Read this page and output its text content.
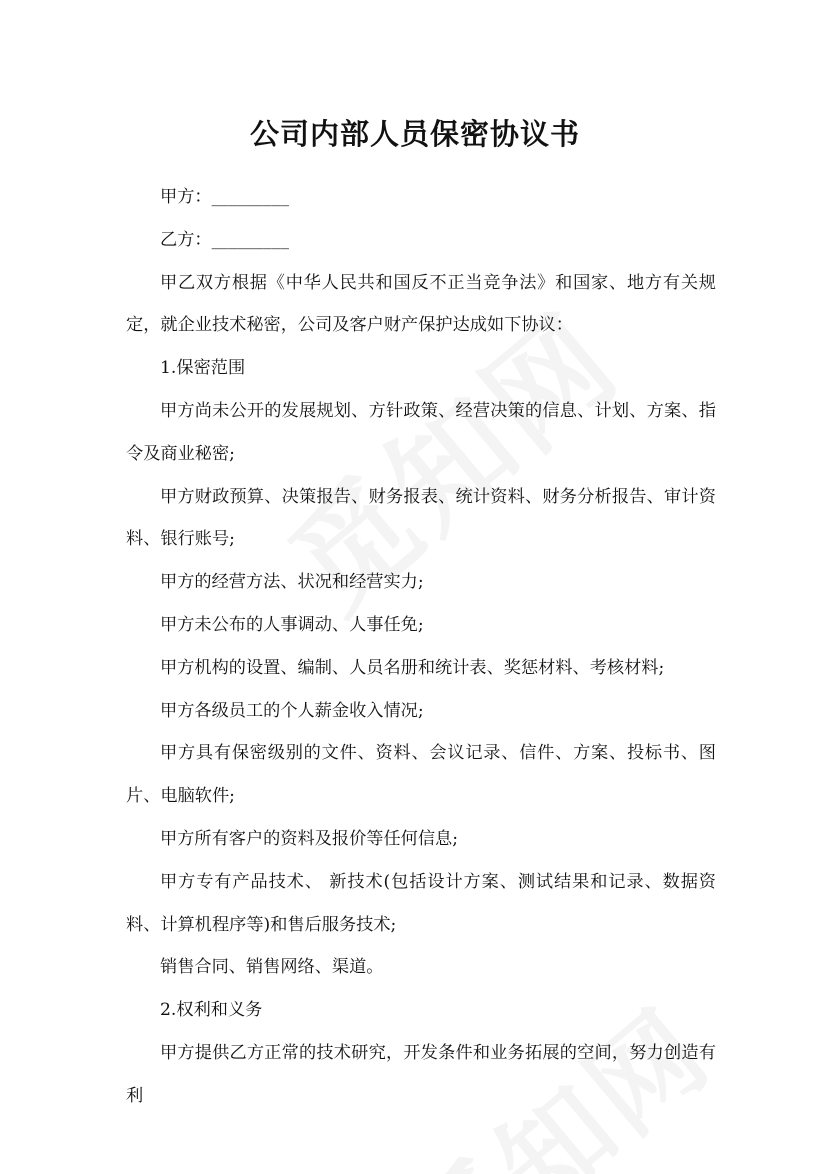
公司内部人员保密协议书

甲方：_________

乙方：_________

甲乙双方根据《中华人民共和国反不正当竞争法》和国家、地方有关规定，就企业技术秘密，公司及客户财产保护达成如下协议：

1.保密范围

甲方尚未公开的发展规划、方针政策、经营决策的信息、计划、方案、指令及商业秘密;

甲方财政预算、决策报告、财务报表、统计资料、财务分析报告、审计资料、银行账号;

甲方的经营方法、状况和经营实力;

甲方未公布的人事调动、人事任免;

甲方机构的设置、编制、人员名册和统计表、奖惩材料、考核材料;

甲方各级员工的个人薪金收入情况;

甲方具有保密级别的文件、资料、会议记录、信件、方案、投标书、图片、电脑软件;

甲方所有客户的资料及报价等任何信息;

甲方专有产品技术、 新技术(包括设计方案、测试结果和记录、数据资料、计算机程序等)和售后服务技术;

销售合同、销售网络、渠道。

2.权利和义务

甲方提供乙方正常的技术研究，开发条件和业务拓展的空间，努力创造有利
